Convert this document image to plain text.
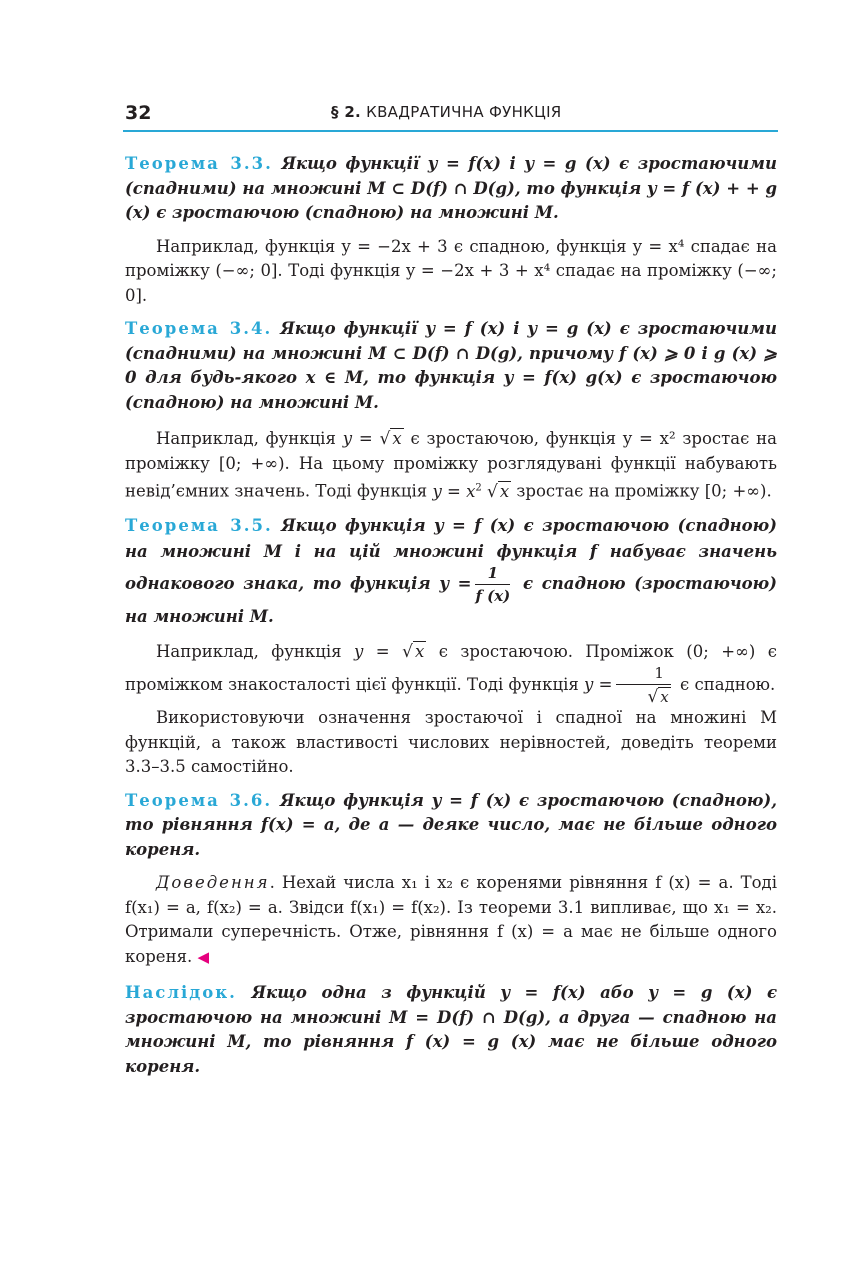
32	§ 2. КВАДРАТИЧНА ФУНКЦІЯ

Теорема 3.3. Якщо функції y = f(x) і y = g (x) є зростаючими (спадними) на множині M ⊂ D(f) ∩ D(g), то функція y = f (x) + + g (x) є зростаючою (спадною) на множині M.

Наприклад, функція y = −2x + 3 є спадною, функція y = x⁴ спадає на проміжку (−∞; 0]. Тоді функція y = −2x + 3 + x⁴ спадає на проміжку (−∞; 0].

Теорема 3.4. Якщо функції y = f (x) і y = g (x) є зростаючими (спадними) на множині M ⊂ D(f) ∩ D(g), причому f (x) ⩾ 0 і g (x) ⩾ 0 для будь-якого x ∈ M, то функція y = f(x) g(x) є зростаючою (спадною) на множині M.

Наприклад, функція y = √ x є зростаючою, функція y = x² зростає на проміжку [0; +∞). На цьому проміжку розглядувані функції набувають невід’ємних значень. Тоді функція $y = x^2$ √ x зростає на проміжку [0; +∞).

Теорема 3.5. Якщо функція y = f (x) є зростаючою (спадною) на множині M і на цій множині функція f набуває значень однакового знака, то функція $y = \frac{1}{f (x)}$ є спадною (зростаючою) на множині M.

Наприклад, функція y = √ x є зростаючою. Проміжок (0; +∞) є проміжком знакосталості цієї функції. Тоді функція $y = \frac{1}{√ x}$ є спадною.

Використовуючи означення зростаючої і спадної на множині M функцій, а також властивості числових нерівностей, доведіть теореми 3.3–3.5 самостійно.

Теорема 3.6. Якщо функція y = f (x) є зростаючою (спадною), то рівняння f(x) = a, де a — деяке число, має не більше одного кореня.

Доведення. Нехай числа x₁ і x₂ є коренями рівняння f (x) = a. Тоді f(x₁) = a, f(x₂) = a. Звідси f(x₁) = f(x₂). Із теореми 3.1 випливає, що x₁ = x₂. Отримали суперечність. Отже, рівняння f (x) = a має не більше одного кореня. ◀

Наслідок. Якщо одна з функцій y = f(x) або y = g (x) є зростаючою на множині M = D(f) ∩ D(g), а друга — спадною на множині M, то рівняння f (x) = g (x) має не більше одного кореня.
